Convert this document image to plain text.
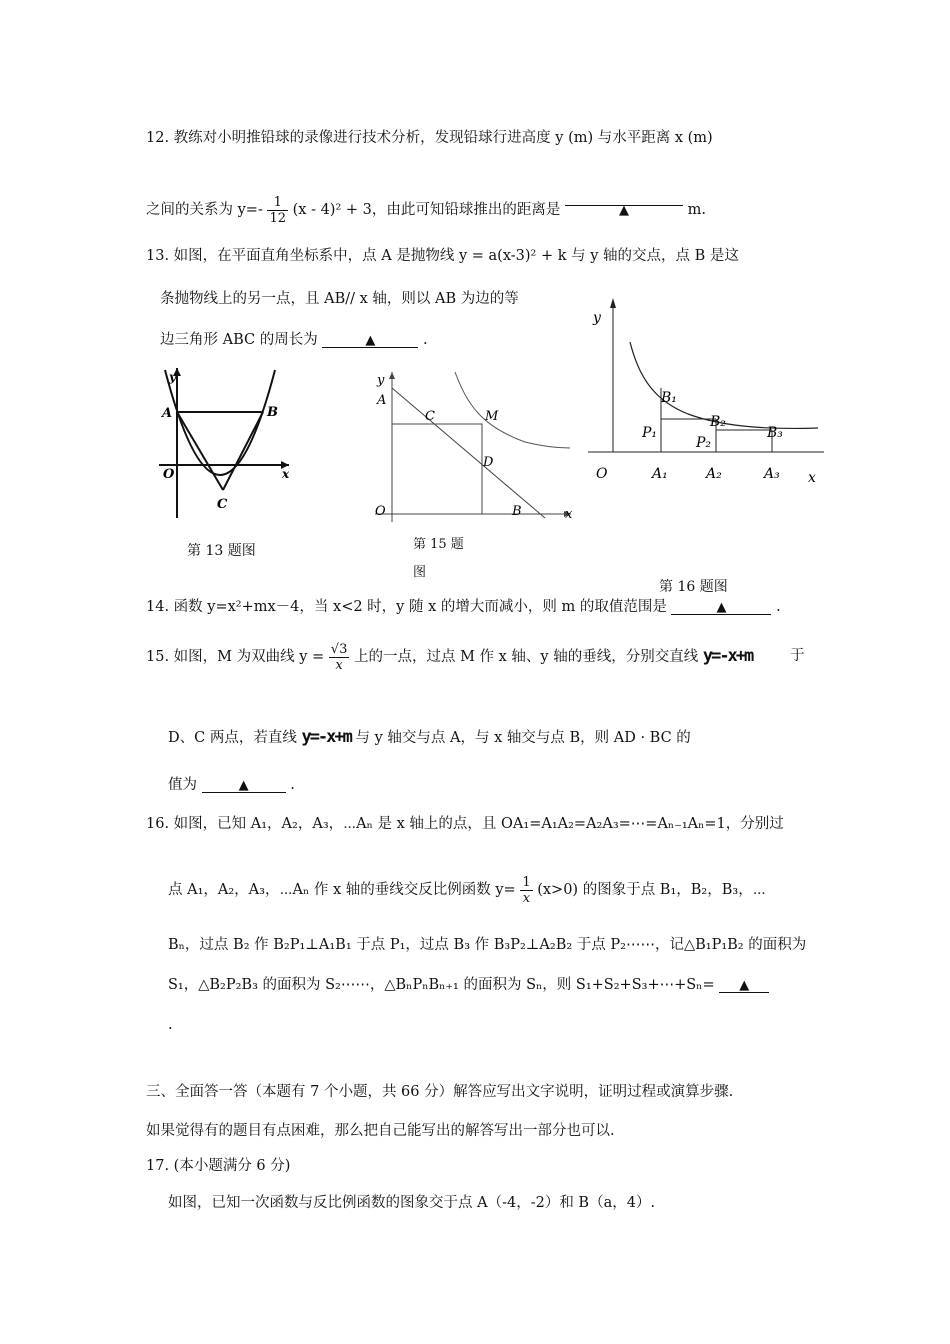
12. 教练对小明推铅球的录像进行技术分析，发现铅球行进高度 y (m) 与水平距离 x (m)
之间的关系为 $y=- \frac{1}{12} (x - 4)^2 + 3$，由此可知铅球推出的距离是	▲	m.
13. 如图，在平面直角坐标系中，点 A 是抛物线 y = a(x-3)² + k 与 y 轴的交点，点 B 是这
条抛物线上的另一点，且 AB// x 轴，则以 AB 为边的等
边三角形 ABC 的周长为	▲	.
y
x
A	B
O
C
第 13 题图
y
x
A
C	M
D
O	B
第 15 题
图
y
x
O	A₁	A₂	A₃
B₁
B₂
B₃
P₁
P₂
第 16 题图
14. 函数 y=x²+mx－4，当 x<2 时，y 随 x 的增大而减小，则 m 的取值范围是	▲	.
15. 如图，M 为双曲线 $y = \frac{√3}{x}$ 上的一点，过点 M 作 x 轴、y 轴的垂线，分别交直线 y=-x+m	于
D、C 两点，若直线 y=-x+m 与 y 轴交与点 A，与 x 轴交与点 B，则 AD · BC 的
值为	▲	.
16. 如图，已知 A₁，A₂，A₃，⋯Aₙ 是 x 轴上的点，且 OA₁=A₁A₂=A₂A₃=⋯=Aₙ₋₁Aₙ=1，分别过
点 A₁，A₂，A₃，⋯Aₙ 作 x 轴的垂线交反比例函数 $y= \frac{1}{x} (x>0)$ 的图象于点 B₁，B₂，B₃，⋯
Bₙ，过点 B₂ 作 B₂P₁⊥A₁B₁ 于点 P₁，过点 B₃ 作 B₃P₂⊥A₂B₂ 于点 P₂⋯⋯，记△B₁P₁B₂ 的面积为
S₁，△B₂P₂B₃ 的面积为 S₂⋯⋯，△BₙPₙBₙ₊₁ 的面积为 Sₙ，则 S₁+S₂+S₃+⋯+Sₙ= ▲
.
三、全面答一答（本题有 7 个小题，共 66 分）解答应写出文字说明，证明过程或演算步骤.
如果觉得有的题目有点困难，那么把自己能写出的解答写出一部分也可以.
17. (本小题满分 6 分)
如图，已知一次函数与反比例函数的图象交于点 A（-4，-2）和 B（a，4）.
